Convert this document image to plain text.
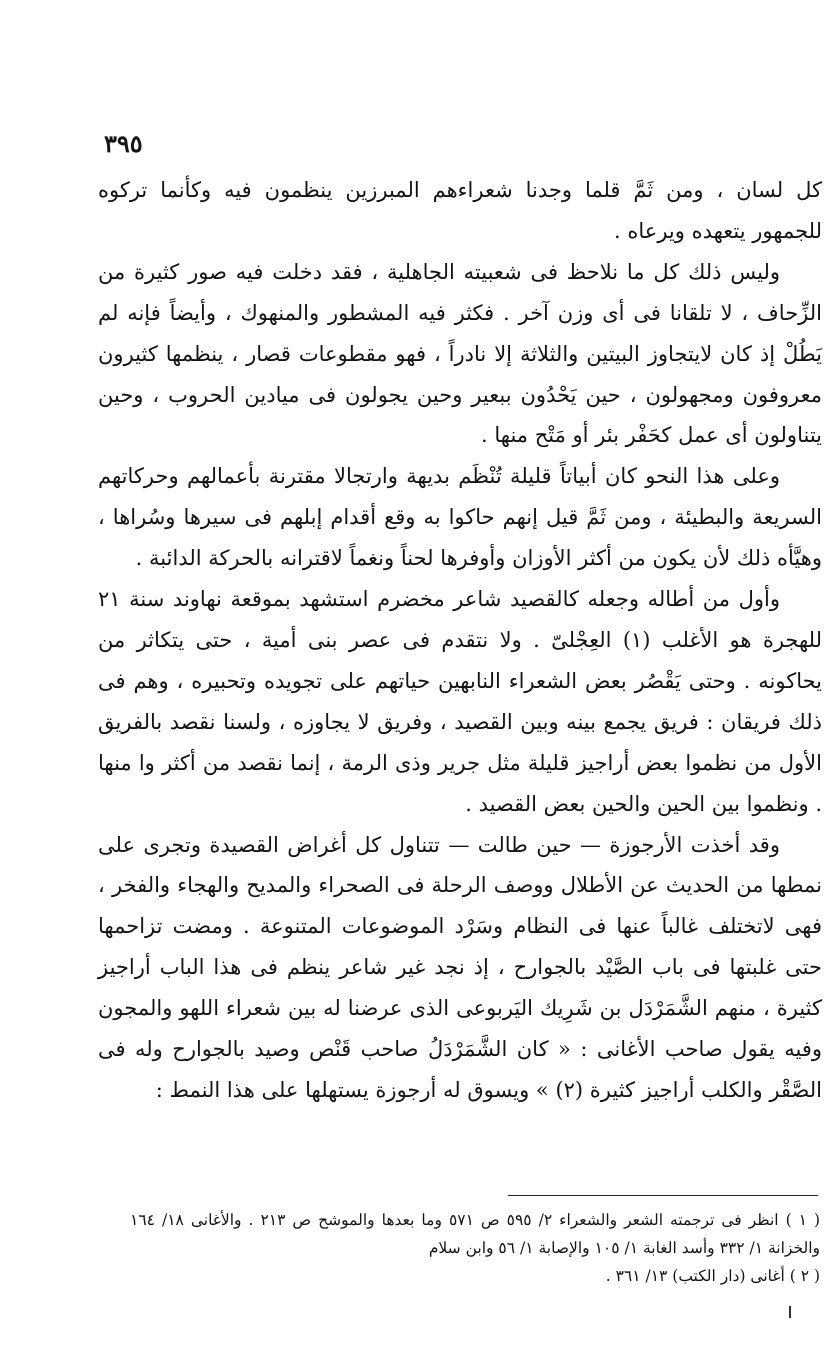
٣٩٥

كل لسان ، ومن ثَمَّ قلما وجدنا شعراءهم المبرزين ينظمون فيه وكأنما تركوه للجمهور يتعهده ويرعاه .

وليس ذلك كل ما نلاحظ فى شعبيته الجاهلية ، فقد دخلت فيه صور كثيرة من الزِّحاف ، لا تلقانا فى أى وزن آخر . فكثر فيه المشطور والمنهوك ، وأيضاً فإنه لم يَطُلْ إذ كان لايتجاوز البيتين والثلاثة إلا نادراً ، فهو مقطوعات قصار ، ينظمها كثيرون معروفون ومجهولون ، حين يَحْدُون ببعير وحين يجولون فى ميادين الحروب ، وحين يتناولون أى عمل كحَفْر بئر أو مَتْح منها .

وعلى هذا النحو كان أبياتاً قليلة تُنْظَم بديهة وارتجالا مقترنة بأعمالهم وحركاتهم السريعة والبطيئة ، ومن ثَمَّ قيل إنهم حاكوا به وقع أقدام إبلهم فى سيرها وسُراها ، وهيَّأه ذلك لأن يكون من أكثر الأوزان وأوفرها لحناً ونغماً لاقترانه بالحركة الدائبة .

وأول من أطاله وجعله كالقصيد شاعر مخضرم استشهد بموقعة نهاوند سنة ٢١ للهجرة هو الأغلب (١) العِجْلىّ . ولا نتقدم فى عصر بنى أمية ، حتى يتكاثر من يحاكونه . وحتى يَقْصُر بعض الشعراء النابهين حياتهم على تجويده وتحبيره ، وهم فى ذلك فريقان : فريق يجمع بينه وبين القصيد ، وفريق لا يجاوزه ، ولسنا نقصد بالفريق الأول من نظموا بعض أراجيز قليلة مثل جرير وذى الرمة ، إنما نقصد من أكثر وا منها . ونظموا بين الحين والحين بعض القصيد .

وقد أخذت الأرجوزة — حين طالت — تتناول كل أغراض القصيدة وتجرى على نمطها من الحديث عن الأطلال ووصف الرحلة فى الصحراء والمديح والهجاء والفخر ، فهى لاتختلف غالباً عنها فى النظام وسَرْد الموضوعات المتنوعة . ومضت تزاحمها حتى غلبتها فى باب الصَّيْد بالجوارح ، إذ نجد غير شاعر ينظم فى هذا الباب أراجيز كثيرة ، منهم الشَّمَرْدَل بن شَرِيك اليَربوعى الذى عرضنا له بين شعراء اللهو والمجون وفيه يقول صاحب الأغانى : « كان الشَّمَرْدَلُ صاحب قَنْص وصيد بالجوارح وله فى الصَّقْر والكلب أراجيز كثيرة (٢) » ويسوق له أرجوزة يستهلها على هذا النمط :

( ١ ) انظر فى ترجمته الشعر والشعراء ٢/ ٥٩٥ ص ٥٧١ وما بعدها والموشح ص ٢١٣ . والأغانى ١٨/ ١٦٤ والخزانة ١/ ٣٣٢ وأسد الغابة ١/ ١٠٥ والإصابة ١/ ٥٦ وابن سلام

( ٢ ) أغانى (دار الكتب) ١٣/ ٣٦١ .
